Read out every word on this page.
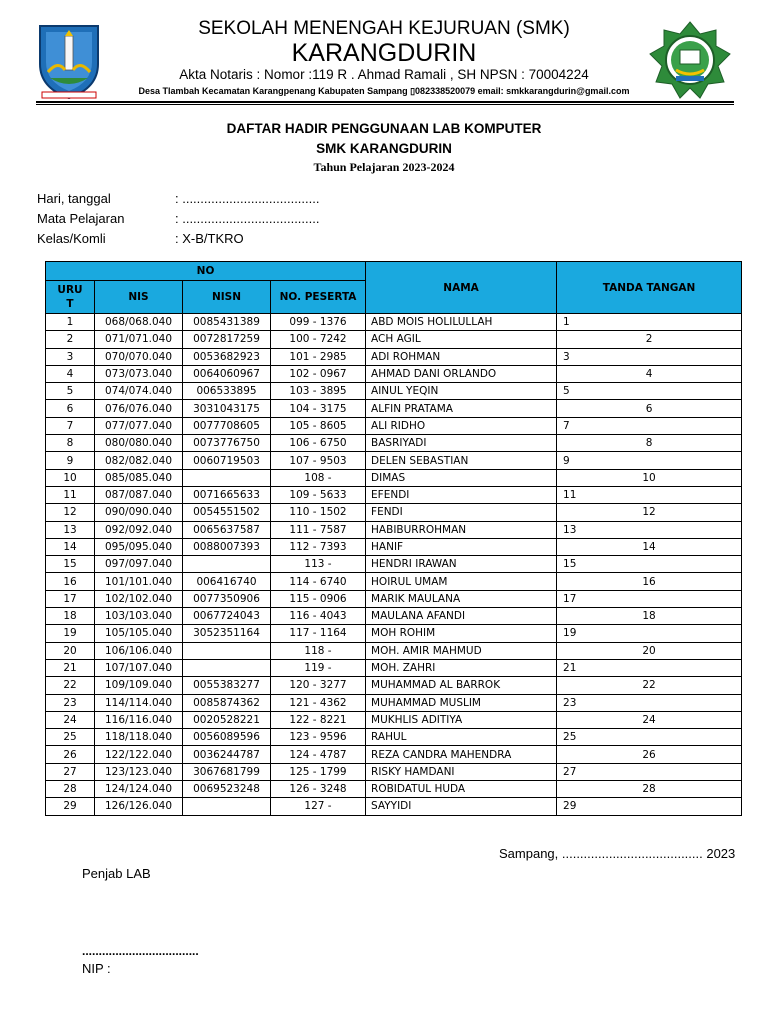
SEKOLAH MENENGAH KEJURUAN (SMK)
KARANGDURIN
Akta Notaris : Nomor :119 R . Ahmad Ramali , SH NPSN : 70004224
Desa Tlambah Kecamatan Karangpenang Kabupaten Sampang ▯082338520079 email: smkkarangdurin@gmail.com
DAFTAR HADIR PENGGUNAAN LAB KOMPUTER
SMK KARANGDURIN
Tahun Pelajaran 2023-2024
Hari, tanggal	: ......................................
Mata Pelajaran	: ......................................
Kelas/Komli	: X-B/TKRO
NO				NAMA	TANDA TANGAN
URU T	NIS	NISN	NO. PESERTA		
1	068/068.040	0085431389	099 - 1376	ABD MOIS HOLILULLAH	1
2	071/071.040	0072817259	100 - 7242	ACH AGIL	2
3	070/070.040	0053682923	101 - 2985	ADI ROHMAN	3
4	073/073.040	0064060967	102 - 0967	AHMAD DANI ORLANDO	4
5	074/074.040	006533895	103 - 3895	AINUL YEQIN	5
6	076/076.040	3031043175	104 - 3175	ALFIN PRATAMA	6
7	077/077.040	0077708605	105 - 8605	ALI RIDHO	7
8	080/080.040	0073776750	106 - 6750	BASRIYADI	8
9	082/082.040	0060719503	107 - 9503	DELEN SEBASTIAN	9
10	085/085.040		108 -	DIMAS	10
11	087/087.040	0071665633	109 - 5633	EFENDI	11
12	090/090.040	0054551502	110 - 1502	FENDI	12
13	092/092.040	0065637587	111 - 7587	HABIBURROHMAN	13
14	095/095.040	0088007393	112 - 7393	HANIF	14
15	097/097.040		113 -	HENDRI IRAWAN	15
16	101/101.040	006416740	114 - 6740	HOIRUL UMAM	16
17	102/102.040	0077350906	115 - 0906	MARIK MAULANA	17
18	103/103.040	0067724043	116 - 4043	MAULANA AFANDI	18
19	105/105.040	3052351164	117 - 1164	MOH ROHIM	19
20	106/106.040		118 -	MOH. AMIR MAHMUD	20
21	107/107.040		119 -	MOH. ZAHRI	21
22	109/109.040	0055383277	120 - 3277	MUHAMMAD AL BARROK	22
23	114/114.040	0085874362	121 - 4362	MUHAMMAD MUSLIM	23
24	116/116.040	0020528221	122 - 8221	MUKHLIS ADITIYA	24
25	118/118.040	0056089596	123 - 9596	RAHUL	25
26	122/122.040	0036244787	124 - 4787	REZA CANDRA MAHENDRA	26
27	123/123.040	3067681799	125 - 1799	RISKY HAMDANI	27
28	124/124.040	0069523248	126 - 3248	ROBIDATUL HUDA	28
29	126/126.040		127 -	SAYYIDI	29
Sampang, ....................................... 2023
Penjab LAB
...................................
NIP :
